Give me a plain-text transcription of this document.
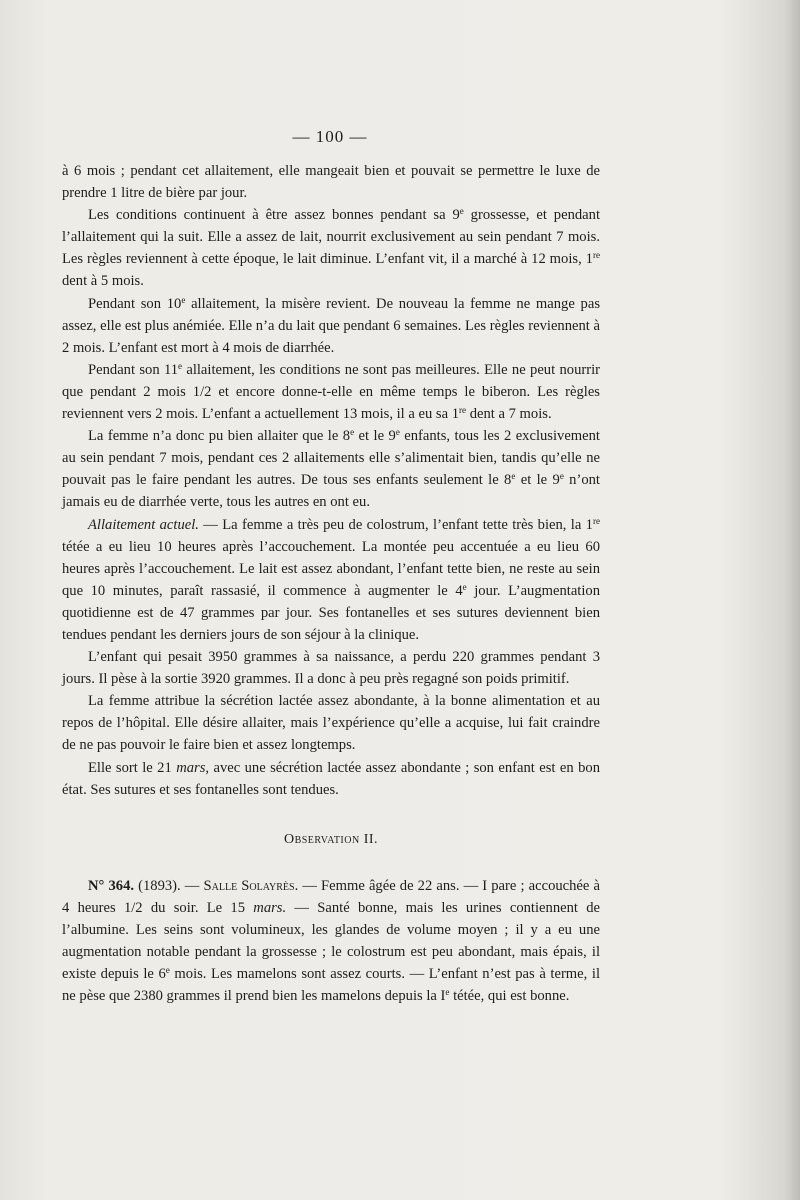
— 100 —

à 6 mois ; pendant cet allaitement, elle mangeait bien et pouvait se permettre le luxe de prendre 1 litre de bière par jour.

Les conditions continuent à être assez bonnes pendant sa 9e grossesse, et pendant l’allaitement qui la suit. Elle a assez de lait, nourrit exclusivement au sein pendant 7 mois. Les règles reviennent à cette époque, le lait diminue. L’enfant vit, il a marché à 12 mois, 1re dent à 5 mois.

Pendant son 10e allaitement, la misère revient. De nouveau la femme ne mange pas assez, elle est plus anémiée. Elle n’a du lait que pendant 6 semaines. Les règles reviennent à 2 mois. L’enfant est mort à 4 mois de diarrhée.

Pendant son 11e allaitement, les conditions ne sont pas meilleures. Elle ne peut nourrir que pendant 2 mois 1/2 et encore donne-t-elle en même temps le biberon. Les règles reviennent vers 2 mois. L’enfant a actuellement 13 mois, il a eu sa 1re dent a 7 mois.

La femme n’a donc pu bien allaiter que le 8e et le 9e enfants, tous les 2 exclusivement au sein pendant 7 mois, pendant ces 2 allaitements elle s’alimentait bien, tandis qu’elle ne pouvait pas le faire pendant les autres. De tous ses enfants seulement le 8e et le 9e n’ont jamais eu de diarrhée verte, tous les autres en ont eu.

Allaitement actuel. — La femme a très peu de colostrum, l’enfant tette très bien, la 1re tétée a eu lieu 10 heures après l’accouchement. La montée peu accentuée a eu lieu 60 heures après l’accouchement. Le lait est assez abondant, l’enfant tette bien, ne reste au sein que 10 minutes, paraît rassasié, il commence à augmenter le 4e jour. L’augmentation quotidienne est de 47 grammes par jour. Ses fontanelles et ses sutures deviennent bien tendues pendant les derniers jours de son séjour à la clinique.

L’enfant qui pesait 3950 grammes à sa naissance, a perdu 220 grammes pendant 3 jours. Il pèse à la sortie 3920 grammes. Il a donc à peu près regagné son poids primitif.

La femme attribue la sécrétion lactée assez abondante, à la bonne alimentation et au repos de l’hôpital. Elle désire allaiter, mais l’expérience qu’elle a acquise, lui fait craindre de ne pas pouvoir le faire bien et assez longtemps.

Elle sort le 21 mars, avec une sécrétion lactée assez abondante ; son enfant est en bon état. Ses sutures et ses fontanelles sont tendues.

Observation II.

N° 364. (1893). — Salle Solayrès. — Femme âgée de 22 ans. — I pare ; accouchée à 4 heures 1/2 du soir. Le 15 mars. — Santé bonne, mais les urines contiennent de l’albumine. Les seins sont volumineux, les glandes de volume moyen ; il y a eu une augmentation notable pendant la grossesse ; le colostrum est peu abondant, mais épais, il existe depuis le 6e mois. Les mamelons sont assez courts. — L’enfant n’est pas à terme, il ne pèse que 2380 grammes il prend bien les mamelons depuis la Ie tétée, qui est bonne.
